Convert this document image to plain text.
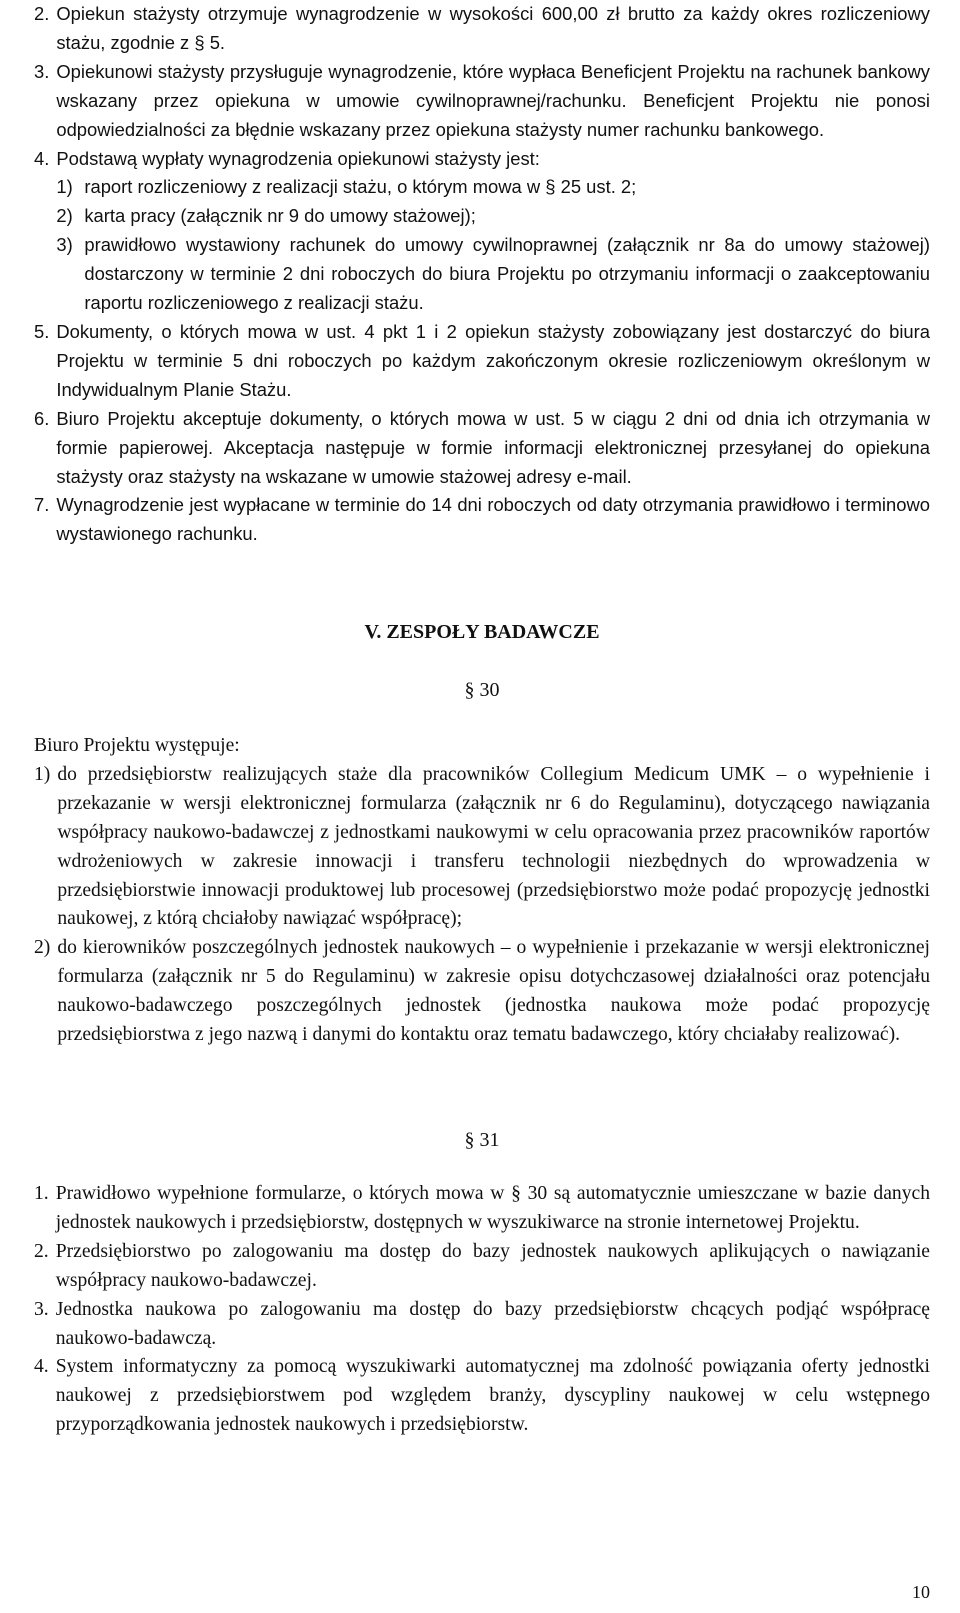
2. Opiekun stażysty otrzymuje wynagrodzenie w wysokości 600,00 zł brutto za każdy okres rozliczeniowy stażu, zgodnie z § 5.
3. Opiekunowi stażysty przysługuje wynagrodzenie, które wypłaca Beneficjent Projektu na rachunek bankowy wskazany przez opiekuna w umowie cywilnoprawnej/rachunku. Beneficjent Projektu nie ponosi odpowiedzialności za błędnie wskazany przez opiekuna stażysty numer rachunku bankowego.
4. Podstawą wypłaty wynagrodzenia opiekunowi stażysty jest:
1) raport rozliczeniowy z realizacji stażu, o którym mowa w § 25 ust. 2;
2) karta pracy (załącznik nr 9 do umowy stażowej);
3) prawidłowo wystawiony rachunek do umowy cywilnoprawnej (załącznik nr 8a do umowy stażowej) dostarczony w terminie 2 dni roboczych do biura Projektu po otrzymaniu informacji o zaakceptowaniu raportu rozliczeniowego z realizacji stażu.
5. Dokumenty, o których mowa w ust. 4 pkt 1 i 2 opiekun stażysty zobowiązany jest dostarczyć do biura Projektu w terminie 5 dni roboczych po każdym zakończonym okresie rozliczeniowym określonym w Indywidualnym Planie Stażu.
6. Biuro Projektu akceptuje dokumenty, o których mowa w ust. 5 w ciągu 2 dni od dnia ich otrzymania w formie papierowej. Akceptacja następuje w formie informacji elektronicznej przesyłanej do opiekuna stażysty oraz stażysty na wskazane w umowie stażowej adresy e-mail.
7. Wynagrodzenie jest wypłacane w terminie do 14 dni roboczych od daty otrzymania prawidłowo i terminowo wystawionego rachunku.
V. ZESPOŁY BADAWCZE
§ 30
Biuro Projektu występuje:
1) do przedsiębiorstw realizujących staże dla pracowników Collegium Medicum UMK – o wypełnienie i przekazanie w wersji elektronicznej formularza (załącznik nr 6 do Regulaminu), dotyczącego nawiązania współpracy naukowo-badawczej z jednostkami naukowymi w celu opracowania przez pracowników raportów wdrożeniowych w zakresie innowacji i transferu technologii niezbędnych do wprowadzenia w przedsiębiorstwie innowacji produktowej lub procesowej (przedsiębiorstwo może podać propozycję jednostki naukowej, z którą chciałoby nawiązać współpracę);
2) do kierowników poszczególnych jednostek naukowych – o wypełnienie i przekazanie w wersji elektronicznej formularza (załącznik nr 5 do Regulaminu) w zakresie opisu dotychczasowej działalności oraz potencjału naukowo-badawczego poszczególnych jednostek (jednostka naukowa może podać propozycję przedsiębiorstwa z jego nazwą i danymi do kontaktu oraz tematu badawczego, który chciałaby realizować).
§ 31
1. Prawidłowo wypełnione formularze, o których mowa w § 30 są automatycznie umieszczane w bazie danych jednostek naukowych i przedsiębiorstw, dostępnych w wyszukiwarce na stronie internetowej Projektu.
2. Przedsiębiorstwo po zalogowaniu ma dostęp do bazy jednostek naukowych aplikujących o nawiązanie współpracy naukowo-badawczej.
3. Jednostka naukowa po zalogowaniu ma dostęp do bazy przedsiębiorstw chcących podjąć współpracę naukowo-badawczą.
4. System informatyczny za pomocą wyszukiwarki automatycznej ma zdolność powiązania oferty jednostki naukowej z przedsiębiorstwem pod względem branży, dyscypliny naukowej w celu wstępnego przyporządkowania jednostek naukowych i przedsiębiorstw.
10
